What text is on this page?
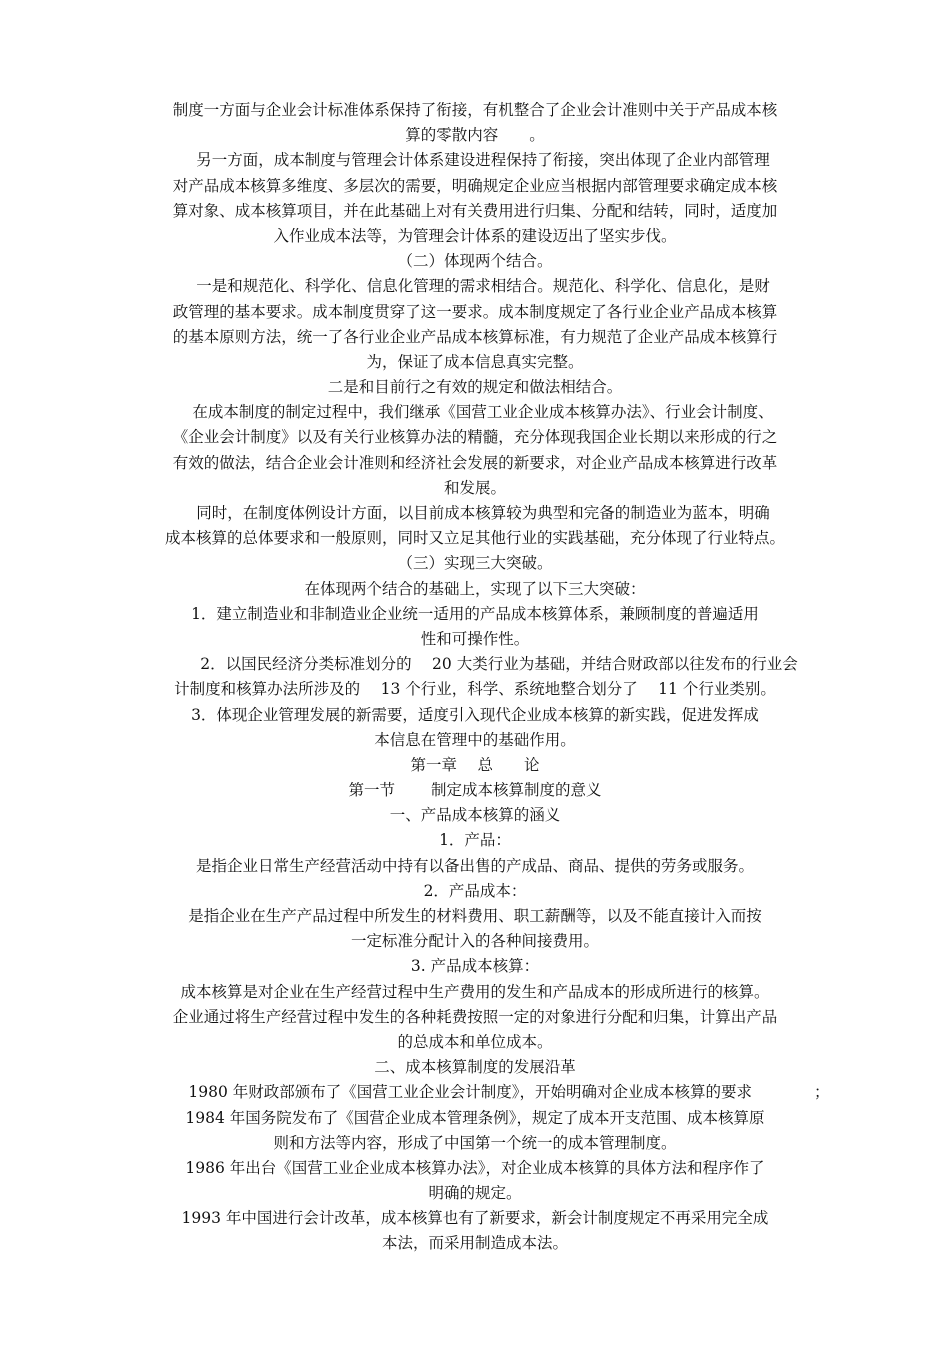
制度一方面与企业会计标准体系保持了衔接，有机整合了企业会计准则中关于产品成本核
算的零散内容　　。
另一方面，成本制度与管理会计体系建设进程保持了衔接，突出体现了企业内部管理
对产品成本核算多维度、多层次的需要，明确规定企业应当根据内部管理要求确定成本核
算对象、成本核算项目，并在此基础上对有关费用进行归集、分配和结转，同时，适度加
入作业成本法等，为管理会计体系的建设迈出了坚实步伐。
（二）体现两个结合。
一是和规范化、科学化、信息化管理的需求相结合。规范化、科学化、信息化，是财
政管理的基本要求。成本制度贯穿了这一要求。成本制度规定了各行业企业产品成本核算
的基本原则方法，统一了各行业企业产品成本核算标准，有力规范了企业产品成本核算行
为，保证了成本信息真实完整。
二是和目前行之有效的规定和做法相结合。
在成本制度的制定过程中，我们继承《国营工业企业成本核算办法》、行业会计制度、
《企业会计制度》以及有关行业核算办法的精髓，充分体现我国企业长期以来形成的行之
有效的做法，结合企业会计准则和经济社会发展的新要求，对企业产品成本核算进行改革
和发展。
同时，在制度体例设计方面，以目前成本核算较为典型和完备的制造业为蓝本，明确
成本核算的总体要求和一般原则，同时又立足其他行业的实践基础，充分体现了行业特点。
（三）实现三大突破。
在体现两个结合的基础上，实现了以下三大突破：
1．建立制造业和非制造业企业统一适用的产品成本核算体系，兼顾制度的普遍适用
性和可操作性。
2．以国民经济分类标准划分的　 20 大类行业为基础，并结合财政部以往发布的行业会
计制度和核算办法所涉及的　 13 个行业，科学、系统地整合划分了　 11 个行业类别。
3．体现企业管理发展的新需要，适度引入现代企业成本核算的新实践，促进发挥成
本信息在管理中的基础作用。
第一章　 总　　论
第一节　　 制定成本核算制度的意义
一、产品成本核算的涵义
1．产品：
是指企业日常生产经营活动中持有以备出售的产成品、商品、提供的劳务或服务。
2．产品成本：
是指企业在生产产品过程中所发生的材料费用、职工薪酬等，以及不能直接计入而按
一定标准分配计入的各种间接费用。
3. 产品成本核算：
成本核算是对企业在生产经营过程中生产费用的发生和产品成本的形成所进行的核算。
企业通过将生产经营过程中发生的各种耗费按照一定的对象进行分配和归集，计算出产品
的总成本和单位成本。
二、成本核算制度的发展沿革
1980 年财政部颁布了《国营工业企业会计制度》，开始明确对企业成本核算的要求　　　　；
1984 年国务院发布了《国营企业成本管理条例》，规定了成本开支范围、成本核算原
则和方法等内容，形成了中国第一个统一的成本管理制度。
1986 年出台《国营工业企业成本核算办法》，对企业成本核算的具体方法和程序作了
明确的规定。
1993 年中国进行会计改革，成本核算也有了新要求，新会计制度规定不再采用完全成
本法，而采用制造成本法。
